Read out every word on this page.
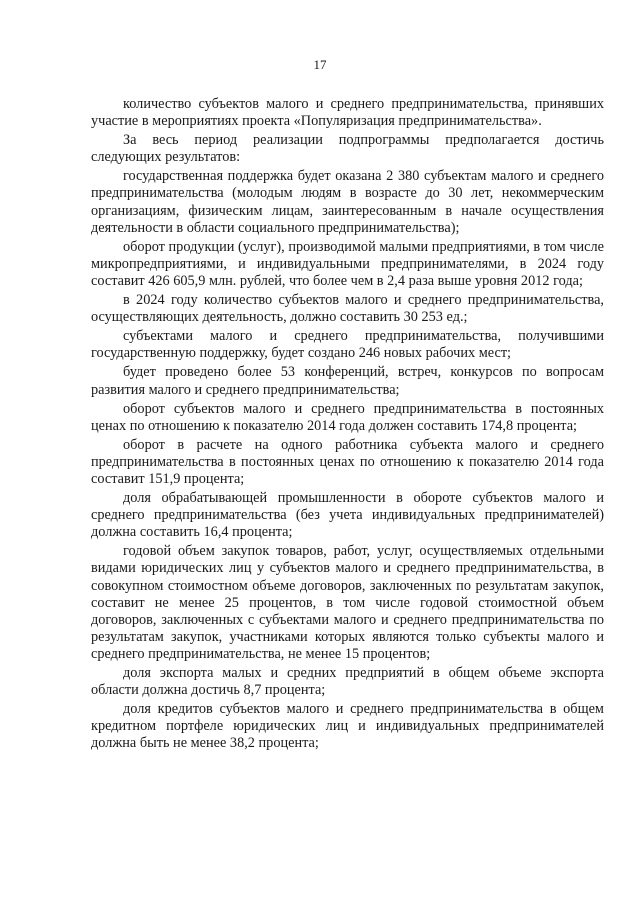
17

количество субъектов малого и среднего предпринимательства, принявших участие в мероприятиях проекта «Популяризация предпринимательства».

За весь период реализации подпрограммы предполагается достичь следующих результатов:

государственная поддержка будет оказана 2 380 субъектам малого и среднего предпринимательства (молодым людям в возрасте до 30 лет, некоммерческим организациям, физическим лицам, заинтересованным в начале осуществления деятельности в области социального предпринимательства);

оборот продукции (услуг), производимой малыми предприятиями, в том числе микропредприятиями, и индивидуальными предпринимателями, в 2024 году составит 426 605,9 млн. рублей, что более чем в 2,4 раза выше уровня 2012 года;

в 2024 году количество субъектов малого и среднего предпринимательства, осуществляющих деятельность, должно составить 30 253 ед.;

субъектами малого и среднего предпринимательства, получившими государственную поддержку, будет создано 246 новых рабочих мест;

будет проведено более 53 конференций, встреч, конкурсов по вопросам развития малого и среднего предпринимательства;

оборот субъектов малого и среднего предпринимательства в постоянных ценах по отношению к показателю 2014 года должен составить 174,8 процента;

оборот в расчете на одного работника субъекта малого и среднего предпринимательства в постоянных ценах по отношению к показателю 2014 года составит 151,9 процента;

доля обрабатывающей промышленности в обороте субъектов малого и среднего предпринимательства (без учета индивидуальных предпринимателей) должна составить 16,4 процента;

годовой объем закупок товаров, работ, услуг, осуществляемых отдельными видами юридических лиц у субъектов малого и среднего предпринимательства, в совокупном стоимостном объеме договоров, заключенных по результатам закупок, составит не менее 25 процентов, в том числе годовой стоимостной объем договоров, заключенных с субъектами малого и среднего предпринимательства по результатам закупок, участниками которых являются только субъекты малого и среднего предпринимательства, не менее 15 процентов;

доля экспорта малых и средних предприятий в общем объеме экспорта области должна достичь 8,7 процента;

доля кредитов субъектов малого и среднего предпринимательства в общем кредитном портфеле юридических лиц и индивидуальных предпринимателей должна быть не менее 38,2 процента;
